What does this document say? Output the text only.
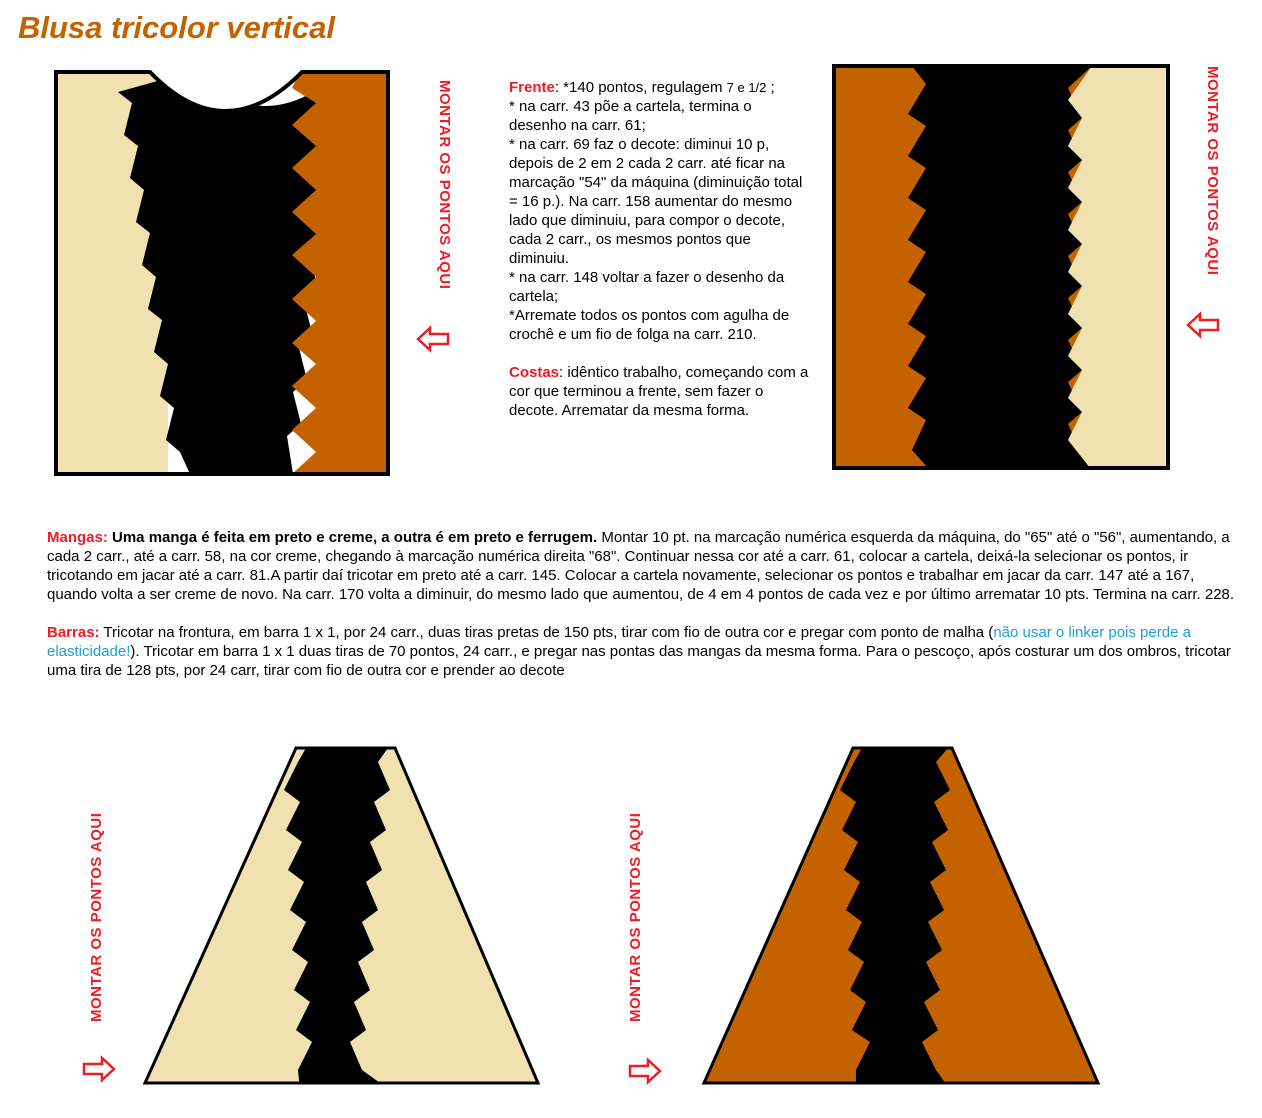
Blusa tricolor vertical
MONTAR OS PONTOS AQUI	MONTAR OS PONTOS AQUI

Frente: *140 pontos, regulagem 7 e 1/2 ;
* na carr. 43 põe a cartela, termina o desenho na carr. 61;
* na carr. 69 faz o decote: diminui 10 p, depois de 2 em 2 cada 2 carr. até ficar na marcação "54" da máquina (diminuição total = 16 p.). Na carr. 158 aumentar do mesmo lado que diminuiu, para compor o decote, cada 2 carr., os mesmos pontos que diminuiu.
* na carr. 148 voltar a fazer o desenho da cartela;
*Arremate todos os pontos com agulha de crochê e um fio de folga na carr. 210.

Costas: idêntico trabalho, começando com a cor que terminou a frente, sem fazer o decote. Arrematar da mesma forma.

Mangas: Uma manga é feita em preto e creme, a outra é em preto e ferrugem. Montar 10 pt. na marcação numérica esquerda da máquina, do "65" até o "56", aumentando, a cada 2 carr., até a carr. 58, na cor creme, chegando à marcação numérica direita "68". Continuar nessa cor até a carr. 61, colocar a cartela, deixá-la selecionar os pontos, ir tricotando em jacar até a carr. 81.A partir daí tricotar em preto até a carr. 145. Colocar a cartela novamente, selecionar os pontos e trabalhar em jacar da carr. 147 até a 167, quando volta a ser creme de novo. Na carr. 170 volta a diminuir, do mesmo lado que aumentou, de 4 em 4 pontos de cada vez e por último arrematar 10 pts. Termina na carr. 228.

Barras: Tricotar na frontura, em barra 1 x 1, por 24 carr., duas tiras pretas de 150 pts, tirar com fio de outra cor e pregar com ponto de malha (não usar o linker pois perde a elasticidade!). Tricotar em barra 1 x 1 duas tiras de 70 pontos, 24 carr., e pregar nas pontas das mangas da mesma forma. Para o pescoço, após costurar um dos ombros, tricotar uma tira de 128 pts, por 24 carr, tirar com fio de outra cor e prender ao decote

MONTAR OS PONTOS AQUI	MONTAR OS PONTOS AQUI
